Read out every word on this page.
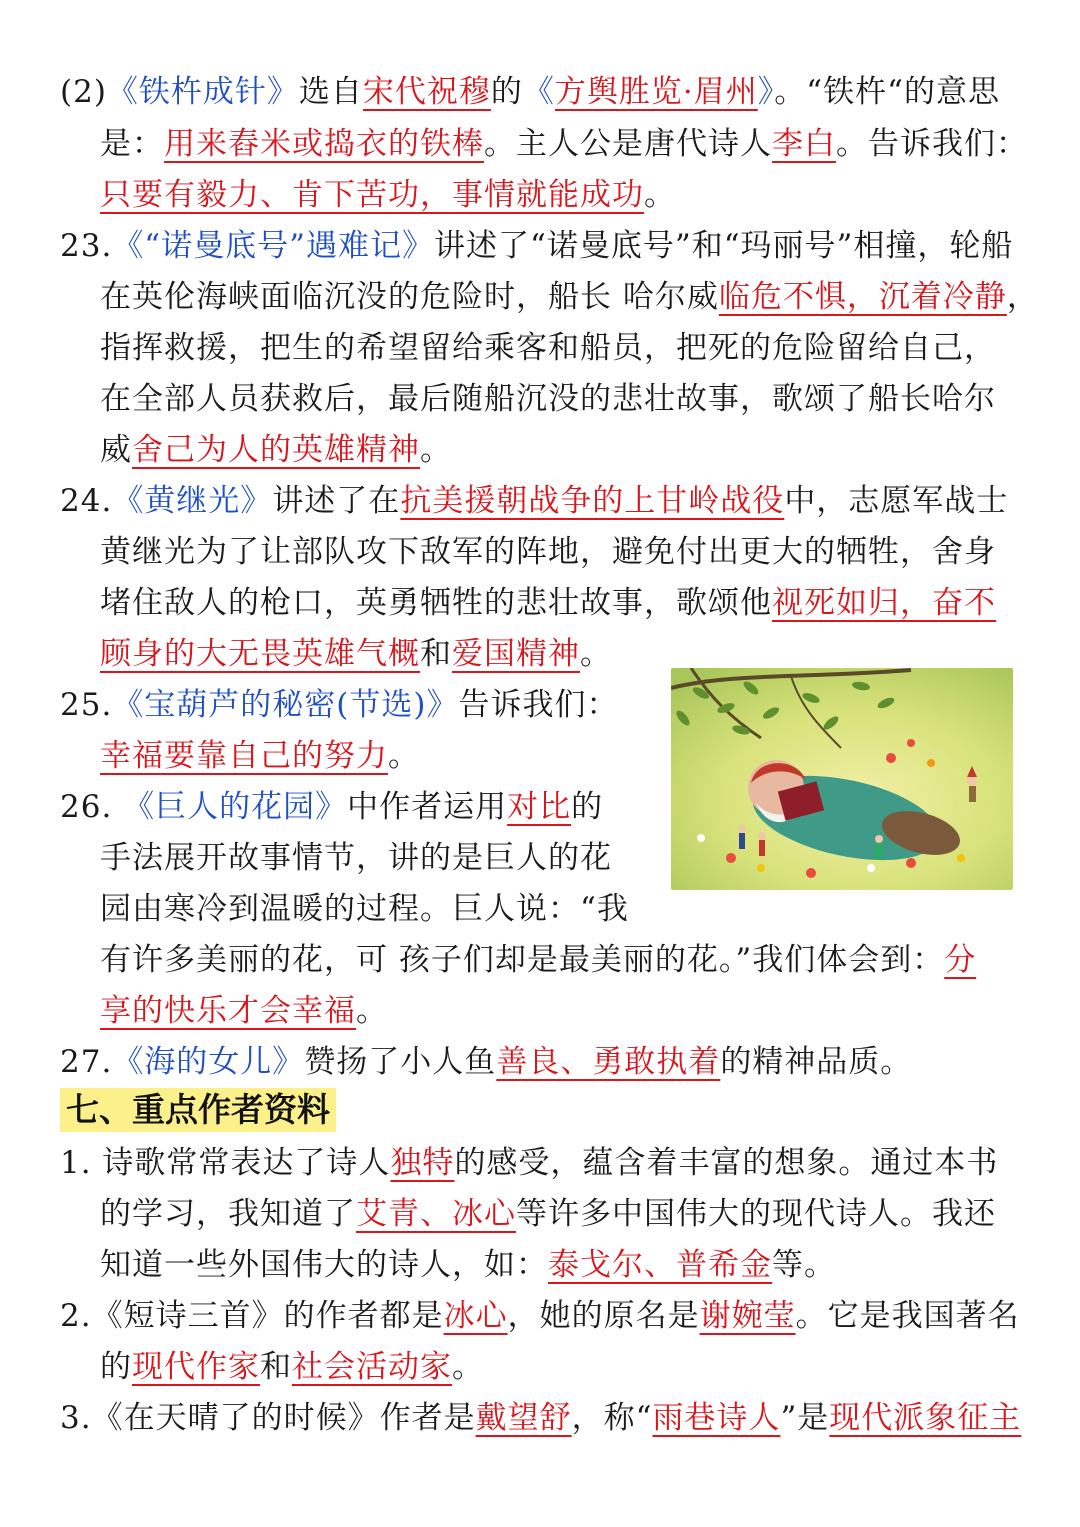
(2)《铁杵成针》选自宋代祝穆的《方舆胜览·眉州》。“铁杵“的意思

是：用来舂米或捣衣的铁棒。主人公是唐代诗人李白。告诉我们：

只要有毅力、肯下苦功，事情就能成功。

23.《“诺曼底号”遇难记》讲述了“诺曼底号”和“玛丽号”相撞，轮船

在英伦海峡面临沉没的危险时，船长 哈尔威临危不惧，沉着冷静，

指挥救援，把生的希望留给乘客和船员，把死的危险留给自己，

在全部人员获救后，最后随船沉没的悲壮故事，歌颂了船长哈尔

威舍己为人的英雄精神。

24.《黄继光》讲述了在抗美援朝战争的上甘岭战役中，志愿军战士

黄继光为了让部队攻下敌军的阵地，避免付出更大的牺牲，舍身

堵住敌人的枪口，英勇牺牲的悲壮故事，歌颂他视死如归，奋不

顾身的大无畏英雄气概和爱国精神。

25.《宝葫芦的秘密(节选)》告诉我们：

幸福要靠自己的努力。

26. 《巨人的花园》中作者运用对比的

手法展开故事情节，讲的是巨人的花

园由寒冷到温暖的过程。巨人说：“我

有许多美丽的花，可 孩子们却是最美丽的花。”我们体会到：分

享的快乐才会幸福。

27.《海的女儿》赞扬了小人鱼善良、勇敢执着的精神品质。

1. 诗歌常常表达了诗人独特的感受，蕴含着丰富的想象。通过本书

的学习，我知道了艾青、冰心等许多中国伟大的现代诗人。我还

知道一些外国伟大的诗人，如：泰戈尔、普希金等。

2.《短诗三首》的作者都是冰心，她的原名是谢婉莹。它是我国著名

的现代作家和社会活动家。

3.《在天晴了的时候》作者是戴望舒，称“雨巷诗人”是现代派象征主

七、重点作者资料
